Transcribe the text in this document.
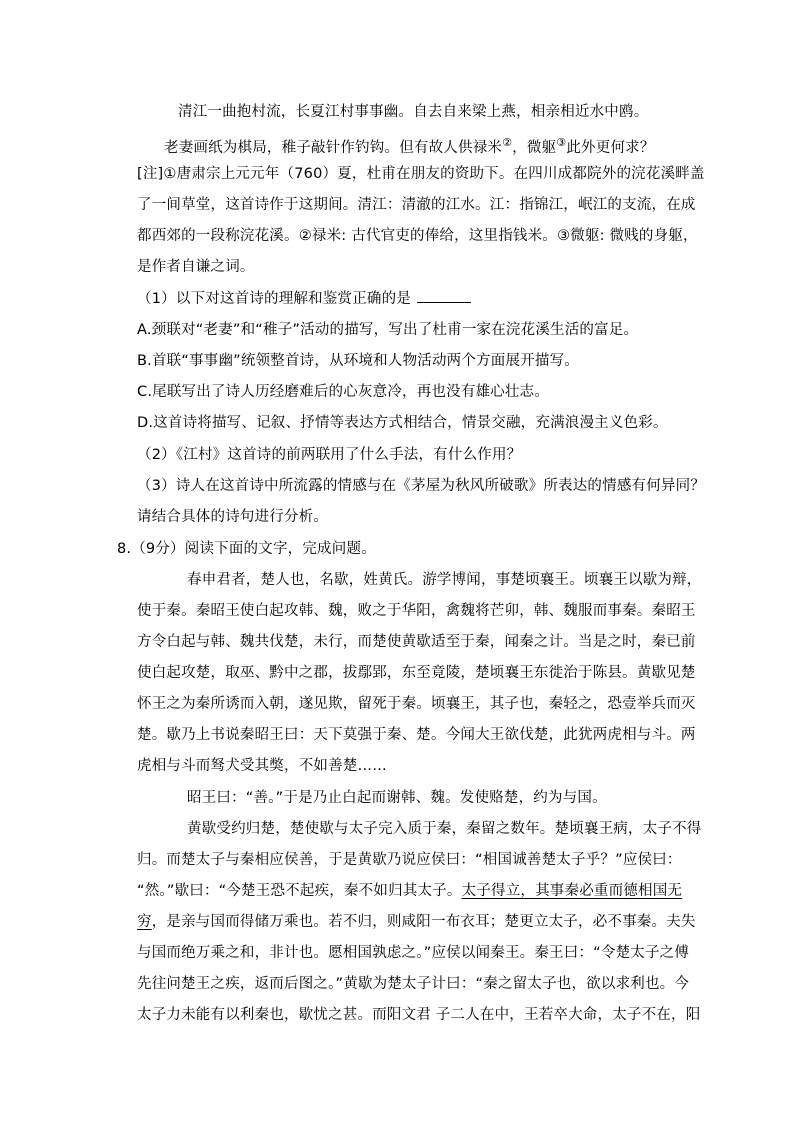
清江一曲抱村流，长夏江村事事幽。自去自来梁上燕，相亲相近水中鸥。
老妻画纸为棋局，稚子敲针作钓钩。但有故人供禄米②，微躯③此外更何求？
[注]①唐肃宗上元元年（760）夏，杜甫在朋友的资助下。在四川成都院外的浣花溪畔盖
了一间草堂，这首诗作于这期间。清江：清澈的江水。江：指锦江，岷江的支流，在成
都西郊的一段称浣花溪。②禄米: 古代官吏的俸给，这里指钱米。③微躯: 微贱的身躯，
是作者自谦之词。
（1）以下对这首诗的理解和鉴赏正确的是
A.颈联对“老妻”和“稚子”活动的描写，写出了杜甫一家在浣花溪生活的富足。
B.首联“事事幽”统领整首诗，从环境和人物活动两个方面展开描写。
C.尾联写出了诗人历经磨难后的心灰意冷，再也没有雄心壮志。
D.这首诗将描写、记叙、抒情等表达方式相结合，情景交融，充满浪漫主义色彩。
（2）《江村》这首诗的前两联用了什么手法，有什么作用？
（3）诗人在这首诗中所流露的情感与在《茅屋为秋风所破歌》所表达的情感有何异同？
请结合具体的诗句进行分析。
8.（9分）阅读下面的文字，完成问题。
春申君者，楚人也，名歇，姓黄氏。游学博闻，事楚顷襄王。顷襄王以歇为辩，
使于秦。秦昭王使白起攻韩、魏，败之于华阳，禽魏将芒卯，韩、魏服而事秦。秦昭王
方令白起与韩、魏共伐楚，未行，而楚使黄歇适至于秦，闻秦之计。当是之时，秦已前
使白起攻楚，取巫、黔中之郡，拔鄢郢，东至竟陵，楚顷襄王东徙治于陈县。黄歇见楚
怀王之为秦所诱而入朝，遂见欺，留死于秦。顷襄王，其子也，秦轻之，恐壹举兵而灭
楚。歇乃上书说秦昭王曰：天下莫强于秦、楚。今闻大王欲伐楚，此犹两虎相与斗。两
虎相与斗而驽犬受其獘，不如善楚……
昭王曰：“善。”于是乃止白起而谢韩、魏。发使赂楚，约为与国。
黄歇受约归楚，楚使歇与太子完入质于秦，秦留之数年。楚顷襄王病，太子不得
归。而楚太子与秦相应侯善，于是黄歇乃说应侯曰：“相国诚善楚太子乎？”应侯曰：
“然。”歇曰：“今楚王恐不起疾，秦不如归其太子。太子得立，其事秦必重而德相国无
穷，是亲与国而得储万乘也。若不归，则咸阳一布衣耳；楚更立太子，必不事秦。夫失
与国而绝万乘之和，非计也。愿相国孰虑之。”应侯以闻秦王。秦王曰：“令楚太子之傅
先往问楚王之疾，返而后图之。”黄歇为楚太子计曰：“秦之留太子也，欲以求利也。今
太子力未能有以利秦也，歇忧之甚。而阳文君 子二人在中，王若卒大命，太子不在，阳
